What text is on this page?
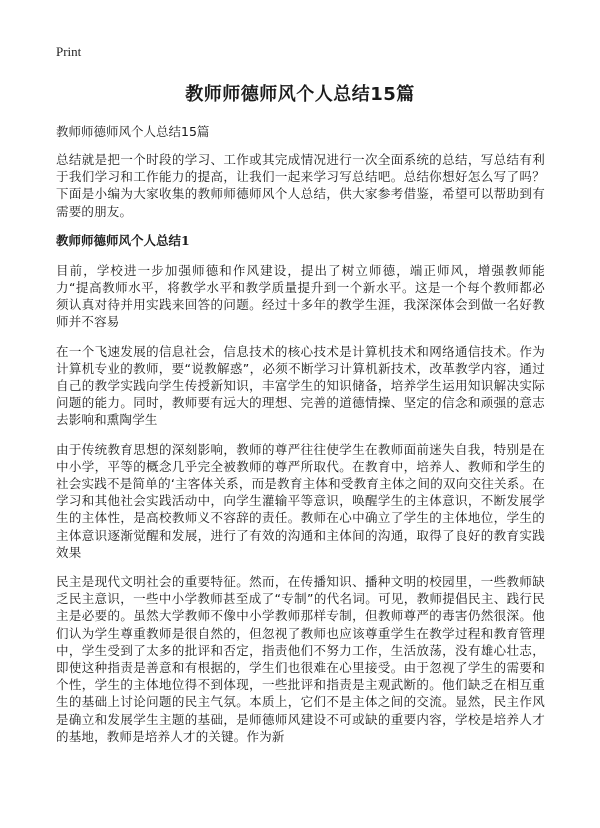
Print
教师师德师风个人总结15篇

教师师德师风个人总结15篇

总结就是把一个时段的学习、工作或其完成情况进行一次全面系统的总结，写总结有利于我们学习和工作能力的提高，让我们一起来学习写总结吧。总结你想好怎么写了吗？下面是小编为大家收集的教师师德师风个人总结，供大家参考借鉴，希望可以帮助到有需要的朋友。

教师师德师风个人总结1

目前，学校进一步加强师德和作风建设，提出了树立师德，端正师风，增强教师能力“提高教师水平，将教学水平和教学质量提升到一个新水平。这是一个每个教师都必须认真对待并用实践来回答的问题。经过十多年的教学生涯，我深深体会到做一名好教师并不容易

在一个飞速发展的信息社会，信息技术的核心技术是计算机技术和网络通信技术。作为计算机专业的教师，要“说教解惑”，必须不断学习计算机新技术，改革教学内容，通过自己的教学实践向学生传授新知识，丰富学生的知识储备，培养学生运用知识解决实际问题的能力。同时，教师要有远大的理想、完善的道德情操、坚定的信念和顽强的意志去影响和熏陶学生

由于传统教育思想的深刻影响，教师的尊严往往使学生在教师面前迷失自我，特别是在中小学，平等的概念几乎完全被教师的尊严所取代。在教育中，培养人、教师和学生的社会实践不是简单的‘主客体关系，而是教育主体和受教育主体之间的双向交往关系。在学习和其他社会实践活动中，向学生灌输平等意识，唤醒学生的主体意识，不断发展学生的主体性，是高校教师义不容辞的责任。教师在心中确立了学生的主体地位，学生的主体意识逐渐觉醒和发展，进行了有效的沟通和主体间的沟通，取得了良好的教育实践效果

民主是现代文明社会的重要特征。然而，在传播知识、播种文明的校园里，一些教师缺乏民主意识，一些中小学教师甚至成了“专制”的代名词。可见，教师提倡民主、践行民主是必要的。虽然大学教师不像中小学教师那样专制，但教师尊严的毒害仍然很深。他们认为学生尊重教师是很自然的，但忽视了教师也应该尊重学生在教学过程和教育管理中，学生受到了太多的批评和否定，指责他们不努力工作，生活放荡，没有雄心壮志，即使这种指责是善意和有根据的，学生们也很难在心里接受。由于忽视了学生的需要和个性，学生的主体地位得不到体现，一些批评和指责是主观武断的。他们缺乏在相互重生的基础上讨论问题的民主气氛。本质上，它们不是主体之间的交流。显然，民主作风是确立和发展学生主题的基础，是师德师风建设不可或缺的重要内容，学校是培养人才的基地，教师是培养人才的关键。作为新
